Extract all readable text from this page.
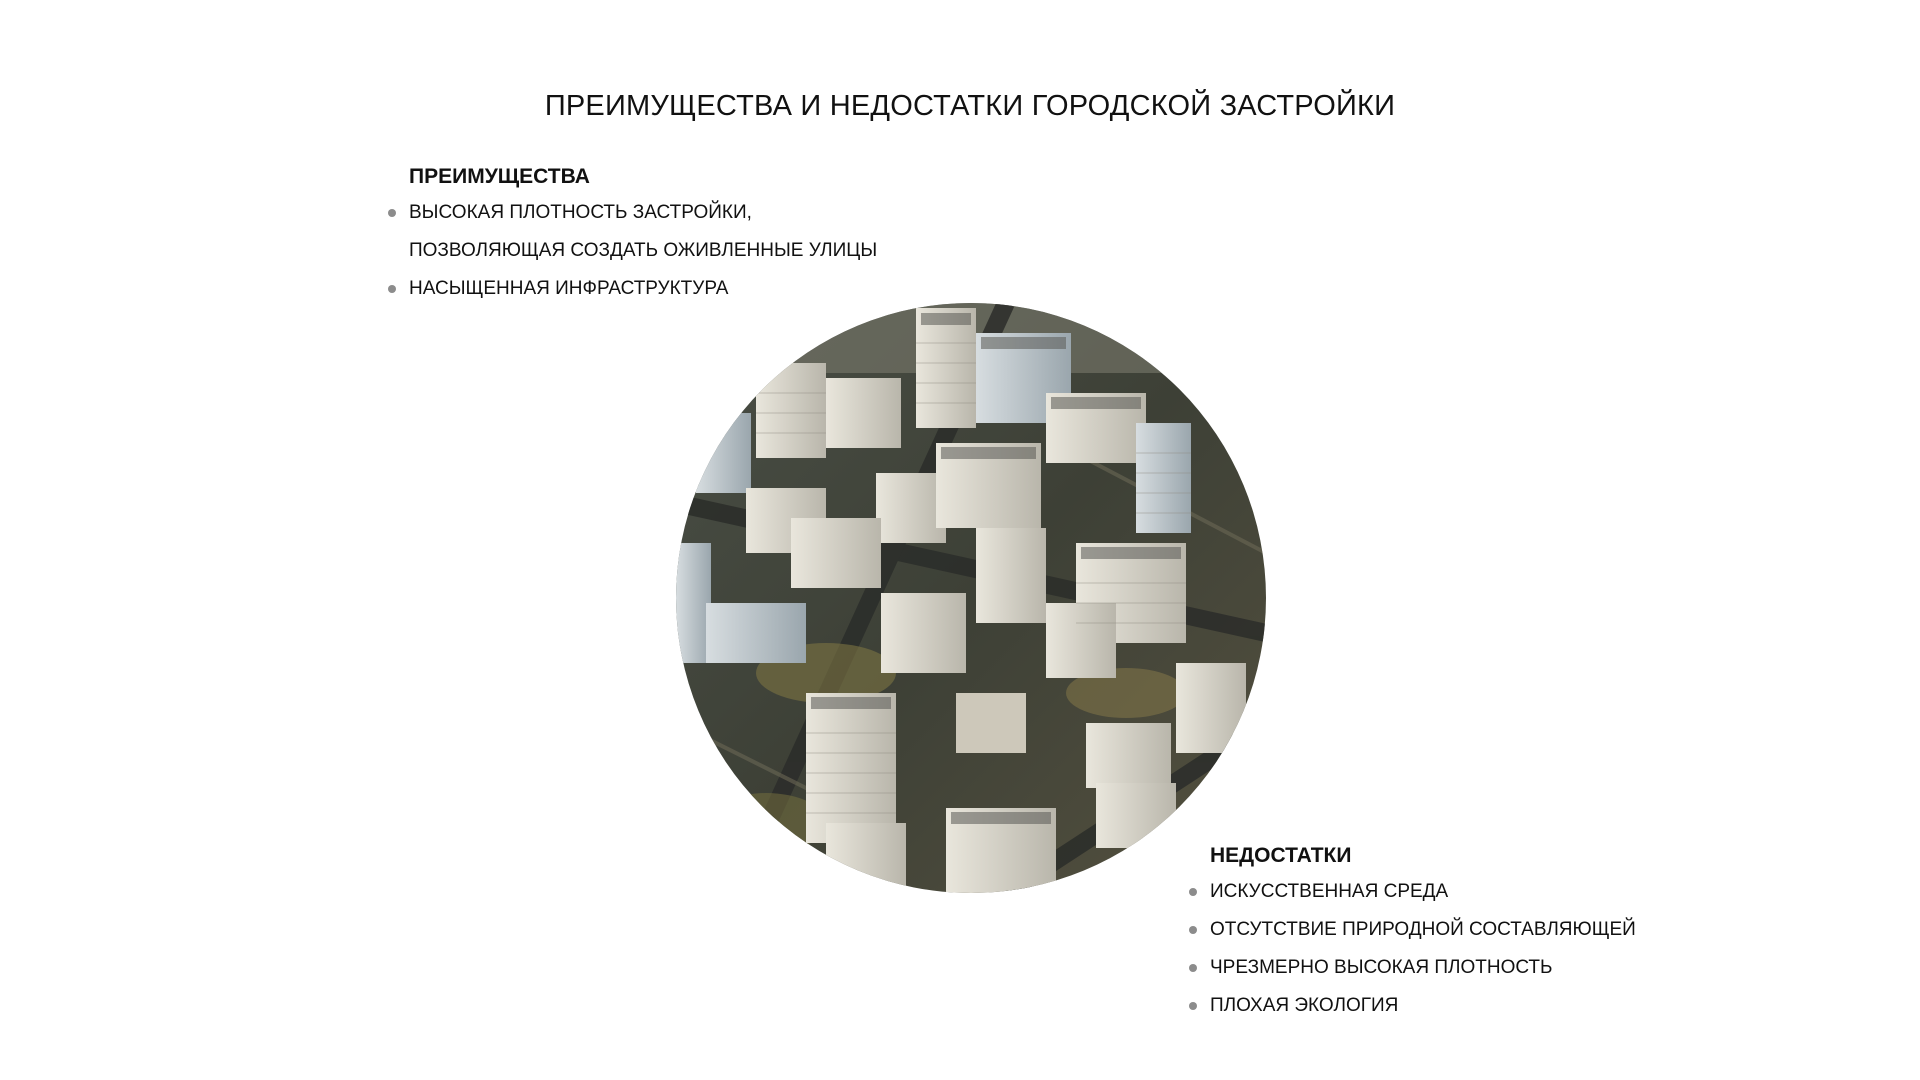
ПРЕИМУЩЕСТВА И НЕДОСТАТКИ ГОРОДСКОЙ ЗАСТРОЙКИ
ПРЕИМУЩЕСТВА
ВЫСОКАЯ ПЛОТНОСТЬ ЗАСТРОЙКИ,
ПОЗВОЛЯЮЩАЯ СОЗДАТЬ ОЖИВЛЕННЫЕ УЛИЦЫ
НАСЫЩЕННАЯ ИНФРАСТРУКТУРА
НЕДОСТАТКИ
ИСКУССТВЕННАЯ СРЕДА
ОТСУТСТВИЕ ПРИРОДНОЙ СОСТАВЛЯЮЩЕЙ
ЧРЕЗМЕРНО ВЫСОКАЯ ПЛОТНОСТЬ
ПЛОХАЯ ЭКОЛОГИЯ
